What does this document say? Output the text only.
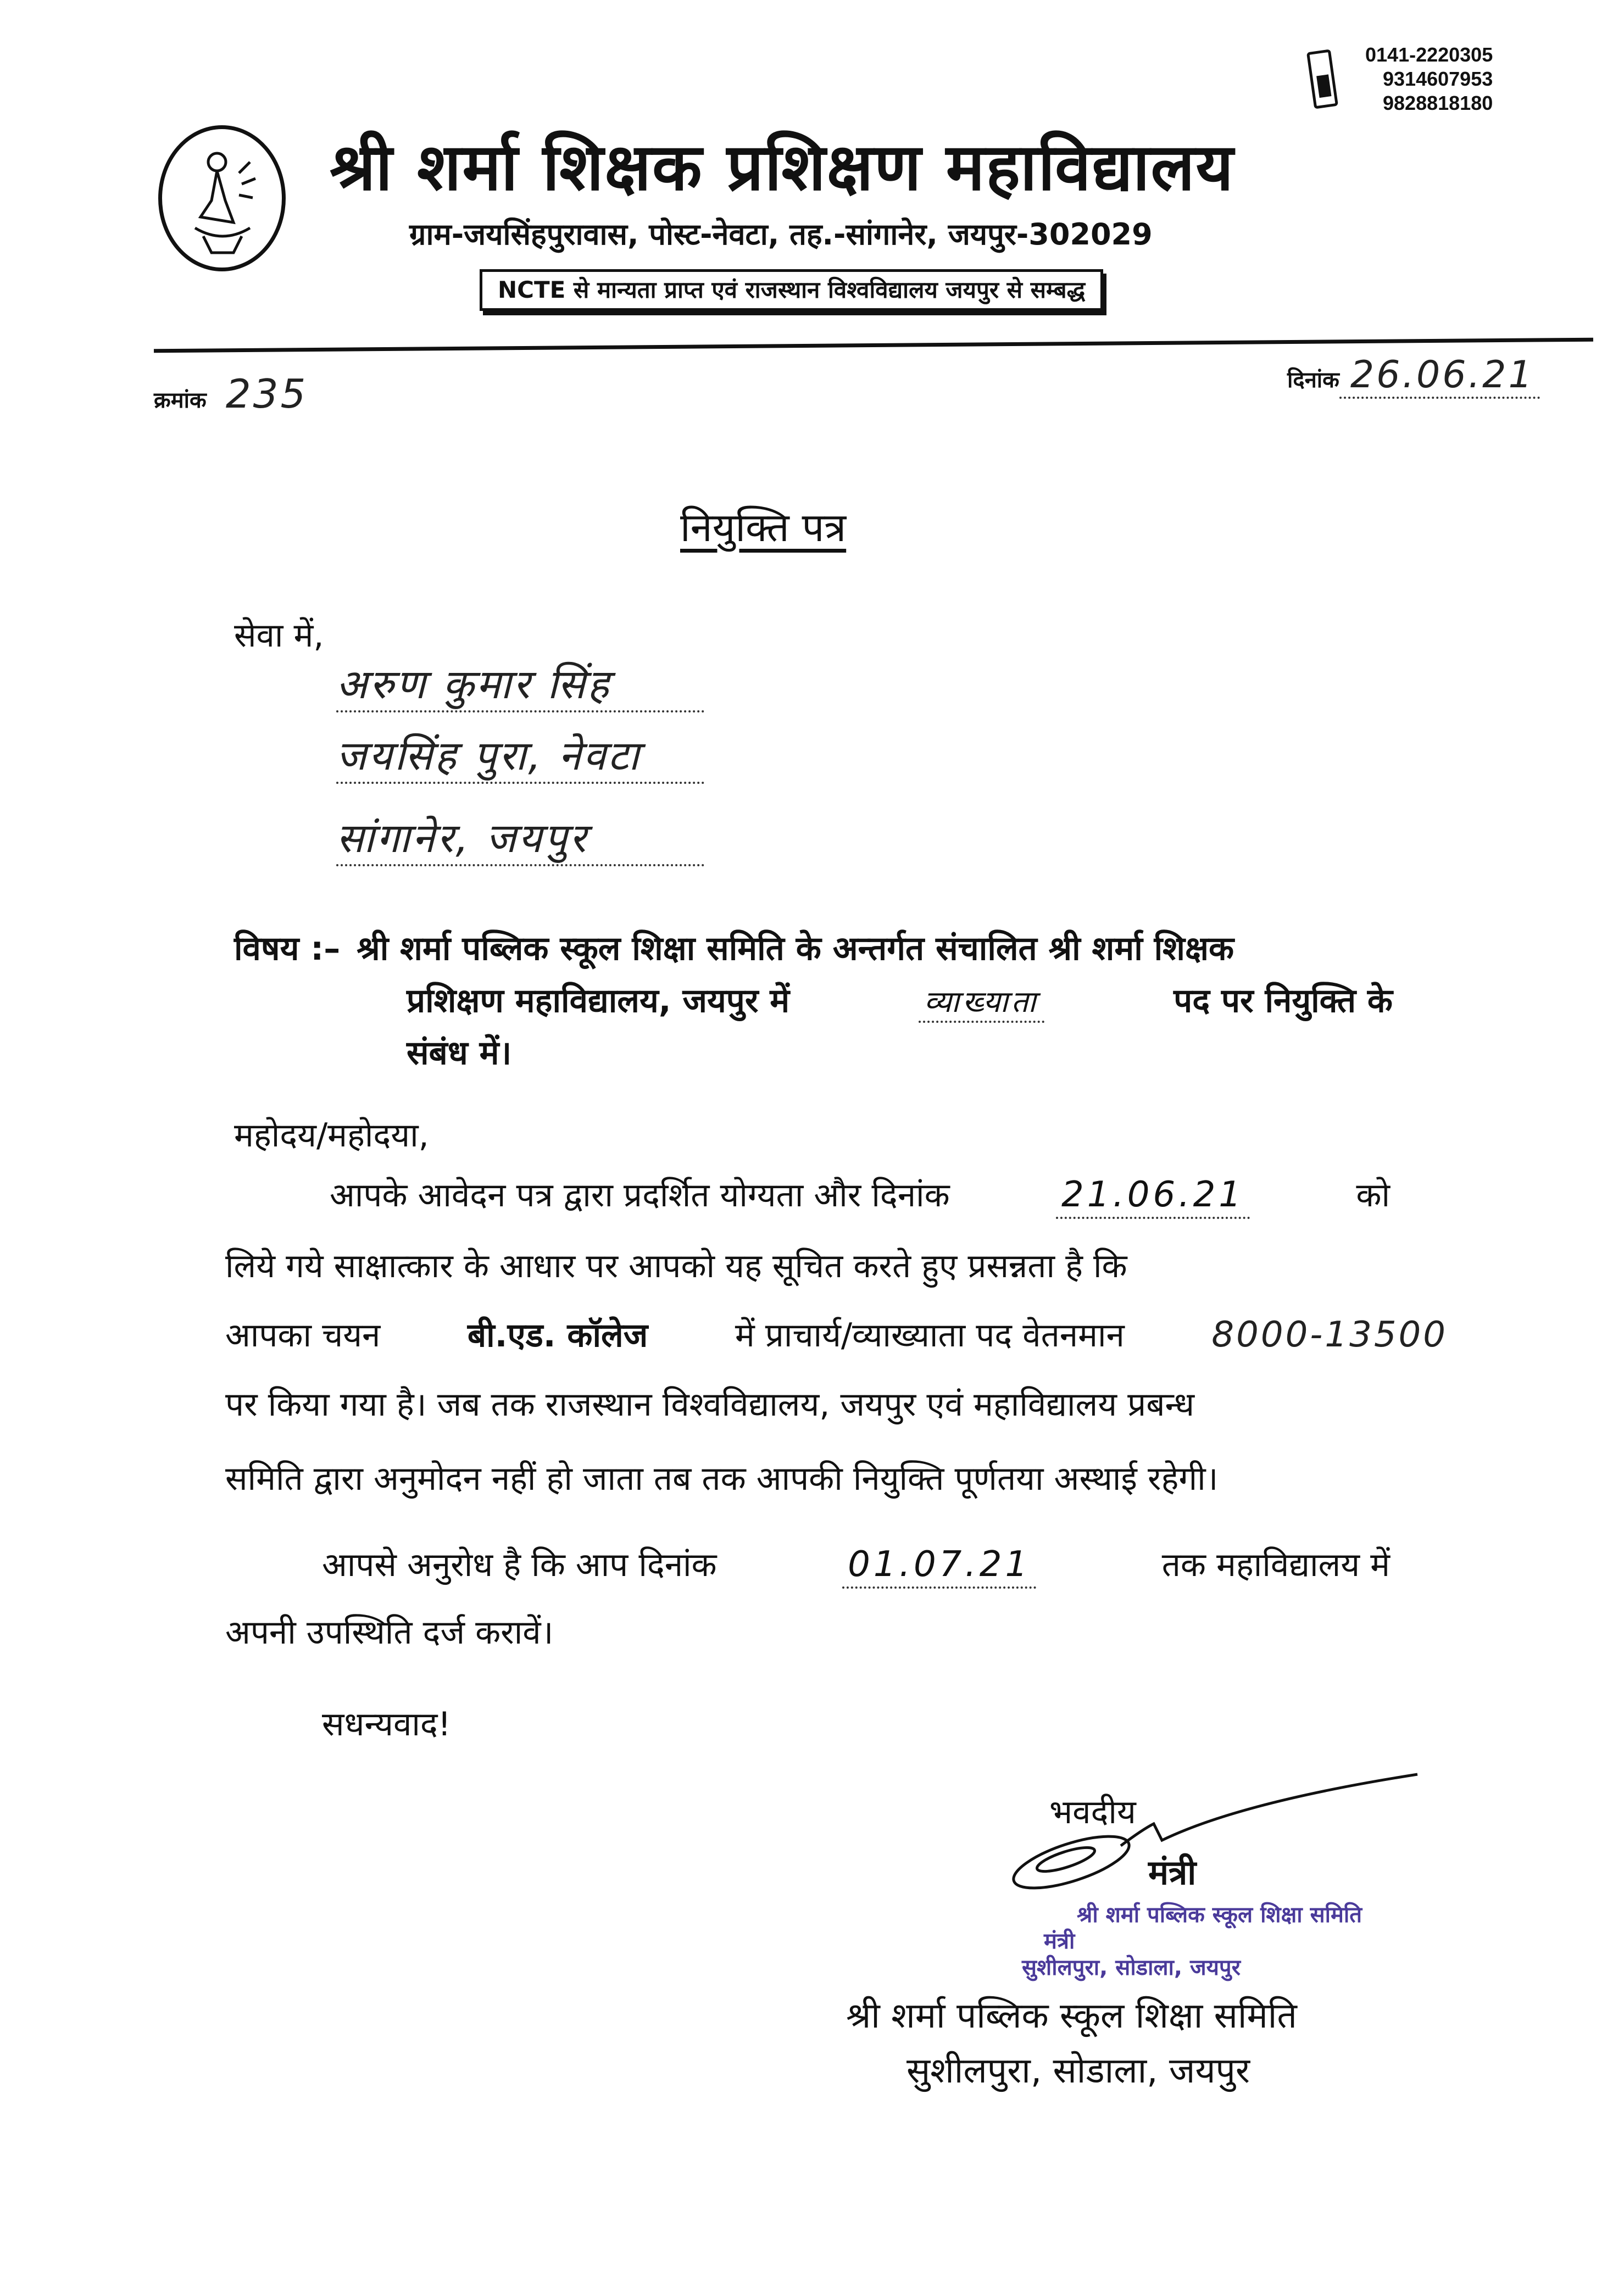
0141-2220305
9314607953
9828818180
श्री शर्मा शिक्षक प्रशिक्षण महाविद्यालय
ग्राम-जयसिंहपुरावास, पोस्ट-नेवटा, तह.-सांगानेर, जयपुर-302029
NCTE से मान्यता प्राप्त एवं राजस्थान विश्वविद्यालय जयपुर से सम्बद्ध
क्रमांक 235	दिनांक 26.06.21
नियुक्ति पत्र
सेवा में,
अरुण कुमार सिंह
जयसिंह पुरा, नेवटा
सांगानेर, जयपुर
विषय :– श्री शर्मा पब्लिक स्कूल शिक्षा समिति के अन्तर्गत संचालित श्री शर्मा शिक्षक
प्रशिक्षण महाविद्यालय, जयपुर में	व्याख्याता	पद पर नियुक्ति के
संबंध में।
महोदय/महोदया,
आपके आवेदन पत्र द्वारा प्रदर्शित योग्यता और दिनांक	21.06.21	को
लिये गये साक्षात्कार के आधार पर आपको यह सूचित करते हुए प्रसन्नता है कि
आपका चयन	बी.एड. कॉलेज	में प्राचार्य/व्याख्याता पद वेतनमान 8000-13500
पर किया गया है। जब तक राजस्थान विश्वविद्यालय, जयपुर एवं महाविद्यालय प्रबन्ध
समिति द्वारा अनुमोदन नहीं हो जाता तब तक आपकी नियुक्ति पूर्णतया अस्थाई रहेगी।
आपसे अनुरोध है कि आप दिनांक	01.07.21	तक महाविद्यालय में
अपनी उपस्थिति दर्ज करावें।
सधन्यवाद!
भवदीय
मंत्री
श्री शर्मा पब्लिक स्कूल शिक्षा समिति
मंत्री
सुशीलपुरा, सोडाला, जयपुर
श्री शर्मा पब्लिक स्कूल शिक्षा समिति
सुशीलपुरा, सोडाला, जयपुर
